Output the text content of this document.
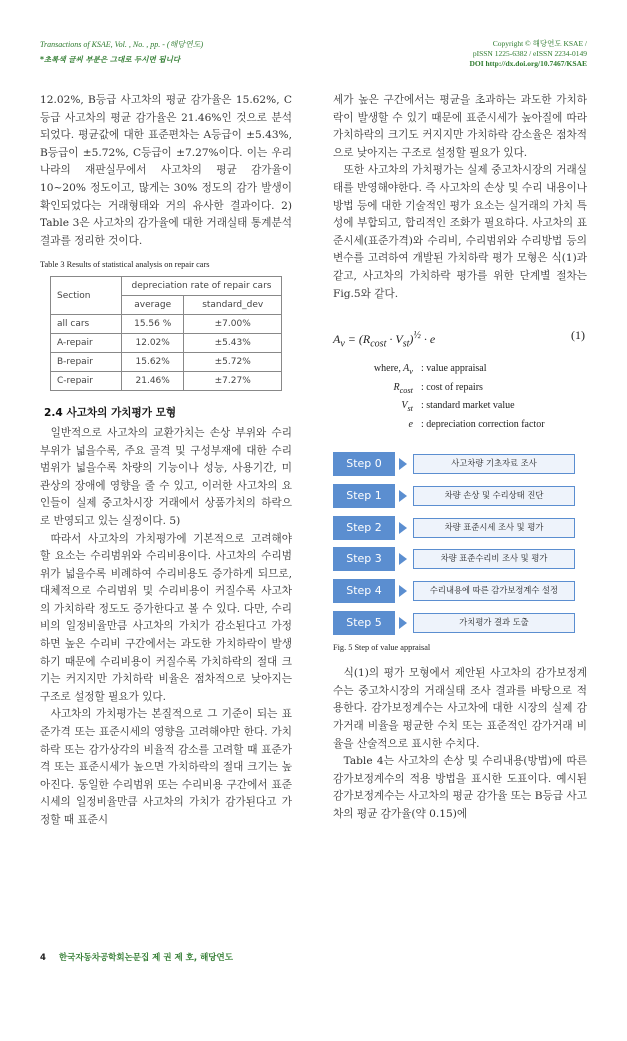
Transactions of KSAE, Vol. , No. , pp. - (해당연도)
*초록색 글씨 부분은 그대로 두시면 됩니다
Copyright © 해당연도 KSAE /
pISSN 1225-6382 / eISSN 2234-0149
DOI http://dx.doi.org/10.7467/KSAE

12.02%, B등급 사고차의 평균 감가율은 15.62%, C등급 사고차의 평균 감가율은 21.46%인 것으로 분석되었다. 평균값에 대한 표준편차는 A등급이 ±5.43%, B등급이 ±5.72%, C등급이 ±7.27%이다. 이는 우리나라의 재판실무에서 사고차의 평균 감가율이 10~20% 정도이고, 많게는 30% 정도의 감가 발생이 확인되었다는 거래형태와 거의 유사한 결과이다. 2) Table 3은 사고차의 감가율에 대한 거래실태 통계분석 결과를 정리한 것이다.

Table 3 Results of statistical analysis on repair cars
Section	depreciation rate of repair cars	
	average	standard_dev
all cars	15.56 %	±7.00%
A-repair	12.02%	±5.43%
B-repair	15.62%	±5.72%
C-repair	21.46%	±7.27%
2.4 사고차의 가치평가 모형

일반적으로 사고차의 교환가치는 손상 부위와 수리 부위가 넓을수록, 주요 골격 및 구성부재에 대한 수리 범위가 넓을수록 차량의 기능이나 성능, 사용기간, 미관상의 장애에 영향을 줄 수 있고, 이러한 사고차의 요인들이 실제 중고차시장 거래에서 상품가치의 하락으로 반영되고 있는 실정이다. 5)

따라서 사고차의 가치평가에 기본적으로 고려해야 할 요소는 수리범위와 수리비용이다. 사고차의 수리범위가 넓을수록 비례하여 수리비용도 증가하게 되므로, 대체적으로 수리범위 및 수리비용이 커질수록 사고차의 가치하락 정도도 증가한다고 볼 수 있다. 다만, 수리비의 일정비율만큼 사고차의 가치가 감소된다고 가정하면 높은 수리비 구간에서는 과도한 가치하락이 발생하기 때문에 수리비용이 커질수록 가치하락의 절대 크기는 커지지만 가치하락 비율은 점차적으로 낮아지는 구조로 설정할 필요가 있다.

사고차의 가치평가는 본질적으로 그 기준이 되는 표준가격 또는 표준시세의 영향을 고려해야만 한다. 가치하락 또는 감가상각의 비율적 감소를 고려할 때 표준가격 또는 표준시세가 높으면 가치하락의 절대 크기는 높아진다. 동일한 수리범위 또는 수리비용 구간에서 표준시세의 일정비율만큼 사고차의 가치가 감가된다고 가정할 때 표준시

세가 높은 구간에서는 평균을 초과하는 과도한 가치하락이 발생할 수 있기 때문에 표준시세가 높아질에 따라 가치하락의 크기도 커지지만 가치하락 감소율은 점차적으로 낮아지는 구조로 설정할 필요가 있다.

또한 사고차의 가치평가는 실제 중고차시장의 거래실태를 반영해야한다. 즉 사고차의 손상 및 수리 내용이나 방법 등에 대한 기술적인 평가 요소는 실거래의 가치 특성에 부합되고, 합리적인 조화가 필요하다. 사고차의 표준시세(표준가격)와 수리비, 수리범위와 수리방법 등의 변수를 고려하여 개발된 가치하락 평가 모형은 식(1)과 같고, 사고차의 가치하락 평가를 위한 단계별 절차는 Fig.5와 같다.

$A_v = (R_{cost} \cdot V_{st})^{\frac{1}{2}} \cdot e$	(1)
where, $A_v$ : value appraisal
$R_{cost}$ : cost of repairs
$V_{st}$ : standard market value
e : depreciation correction factor
Step 0	사고차량 기초자료 조사
Step 1	차량 손상 및 수리상태 진단
Step 2	차량 표준시세 조사 및 평가
Step 3	차량 표준수리비 조사 및 평가
Step 4	수리내용에 따른 감가보정계수 설정
Step 5	가치평가 결과 도출
Fig. 5 Step of value appraisal

식(1)의 평가 모형에서 제안된 사고차의 감가보정계수는 중고차시장의 거래실태 조사 결과를 바탕으로 적용한다. 감가보정계수는 사고차에 대한 시장의 실제 감가거래 비율을 평균한 수치 또는 표준적인 감가거래 비율을 산술적으로 표시한 수치다.

Table 4는 사고차의 손상 및 수리내용(방법)에 따른 감가보정계수의 적용 방법을 표시한 도표이다. 예시된 감가보정계수는 사고차의 평균 감가율 또는 B등급 사고차의 평균 감가율(약 0.15)에

4 한국자동차공학회논문집 제 권 제 호, 해당연도
